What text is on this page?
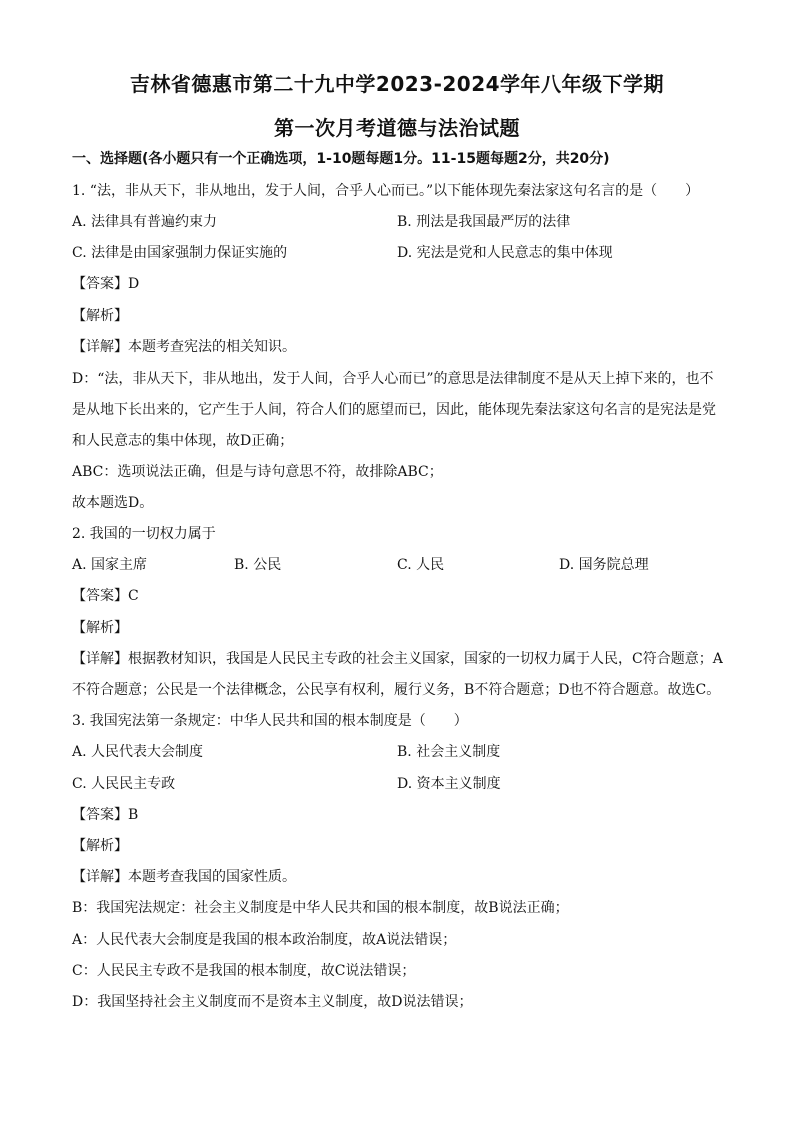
吉林省德惠市第二十九中学2023-2024学年八年级下学期
第一次月考道德与法治试题
一、选择题(各小题只有一个正确选项，1-10题每题1分。11-15题每题2分，共20分)
1. “法，非从天下，非从地出，发于人间，合乎人心而已。”以下能体现先秦法家这句名言的是（　　）
A. 法律具有普遍约束力	B. 刑法是我国最严厉的法律
C. 法律是由国家强制力保证实施的	D. 宪法是党和人民意志的集中体现
【答案】D
【解析】
【详解】本题考查宪法的相关知识。
D：“法，非从天下，非从地出，发于人间，合乎人心而已”的意思是法律制度不是从天上掉下来的，也不
是从地下长出来的，它产生于人间，符合人们的愿望而已，因此，能体现先秦法家这句名言的是宪法是党
和人民意志的集中体现，故D正确；
ABC：选项说法正确，但是与诗句意思不符，故排除ABC；
故本题选D。
2. 我国的一切权力属于
A. 国家主席	B. 公民	C. 人民	D. 国务院总理
【答案】C
【解析】
【详解】根据教材知识，我国是人民民主专政的社会主义国家，国家的一切权力属于人民，C符合题意；A
不符合题意；公民是一个法律概念，公民享有权利，履行义务，B不符合题意；D也不符合题意。故选C。
3. 我国宪法第一条规定：中华人民共和国的根本制度是（　　）
A. 人民代表大会制度	B. 社会主义制度
C. 人民民主专政	D. 资本主义制度
【答案】B
【解析】
【详解】本题考查我国的国家性质。
B：我国宪法规定：社会主义制度是中华人民共和国的根本制度，故B说法正确；
A：人民代表大会制度是我国的根本政治制度，故A说法错误；
C：人民民主专政不是我国的根本制度，故C说法错误；
D：我国坚持社会主义制度而不是资本主义制度，故D说法错误；
